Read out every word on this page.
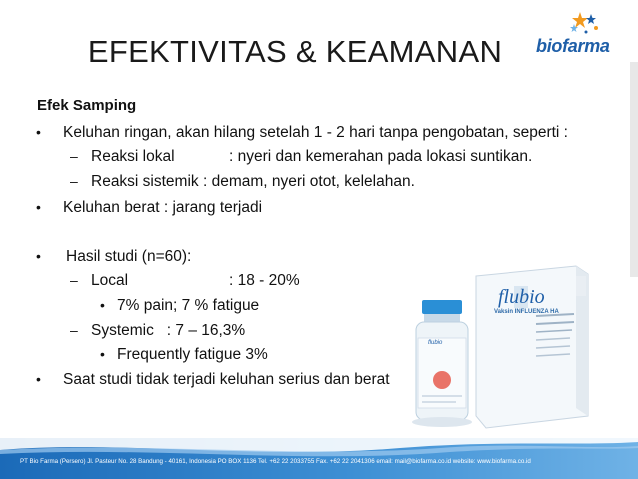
EFEKTIVITAS & KEAMANAN	biofarma
Efek Samping
• Keluhan ringan, akan hilang setelah 1 - 2 hari tanpa pengobatan, seperti :
– Reaksi lokal	: nyeri dan kemerahan pada lokasi suntikan.
– Reaksi sistemik : demam, nyeri otot, kelelahan.
• Keluhan berat : jarang terjadi
• Hasil studi (n=60):
– Local	: 18 - 20%
• 7% pain; 7 % fatigue
– Systemic   : 7 – 16,3%
• Frequently fatigue 3%
• Saat studi tidak terjadi keluhan serius dan berat
flubio
Vaksin INFLUENZA HA
flubio
PT Bio Farma (Persero) Jl. Pasteur No. 28 Bandung - 40161, Indonesia PO BOX 1136 Tel. +62 22 2033755 Fax. +62 22 2041306 email: mail@biofarma.co.id website: www.biofarma.co.id
